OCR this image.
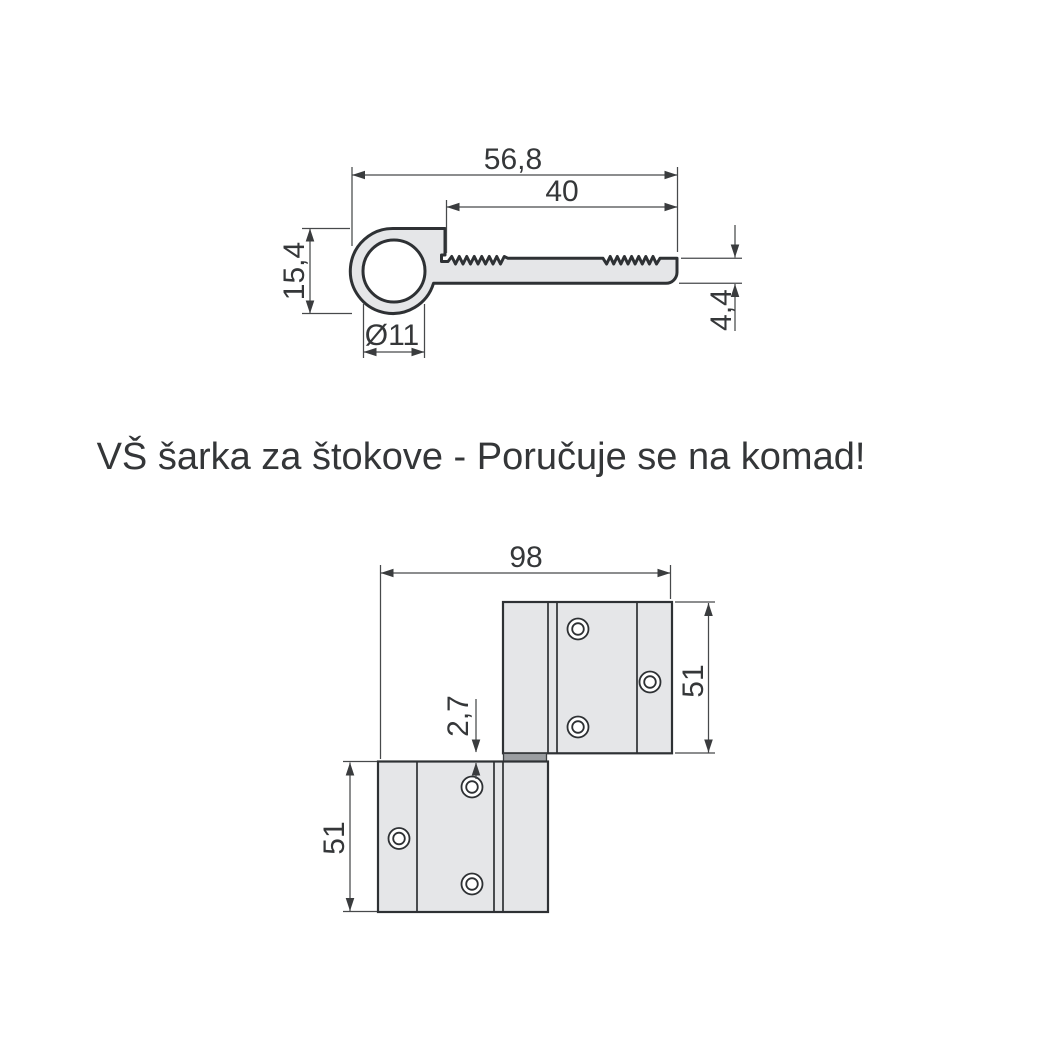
56,8
40
15,4
Ø11
4,4
VŠ šarka za štokove - Poručuje se na komad!
98
51
51
2,7
